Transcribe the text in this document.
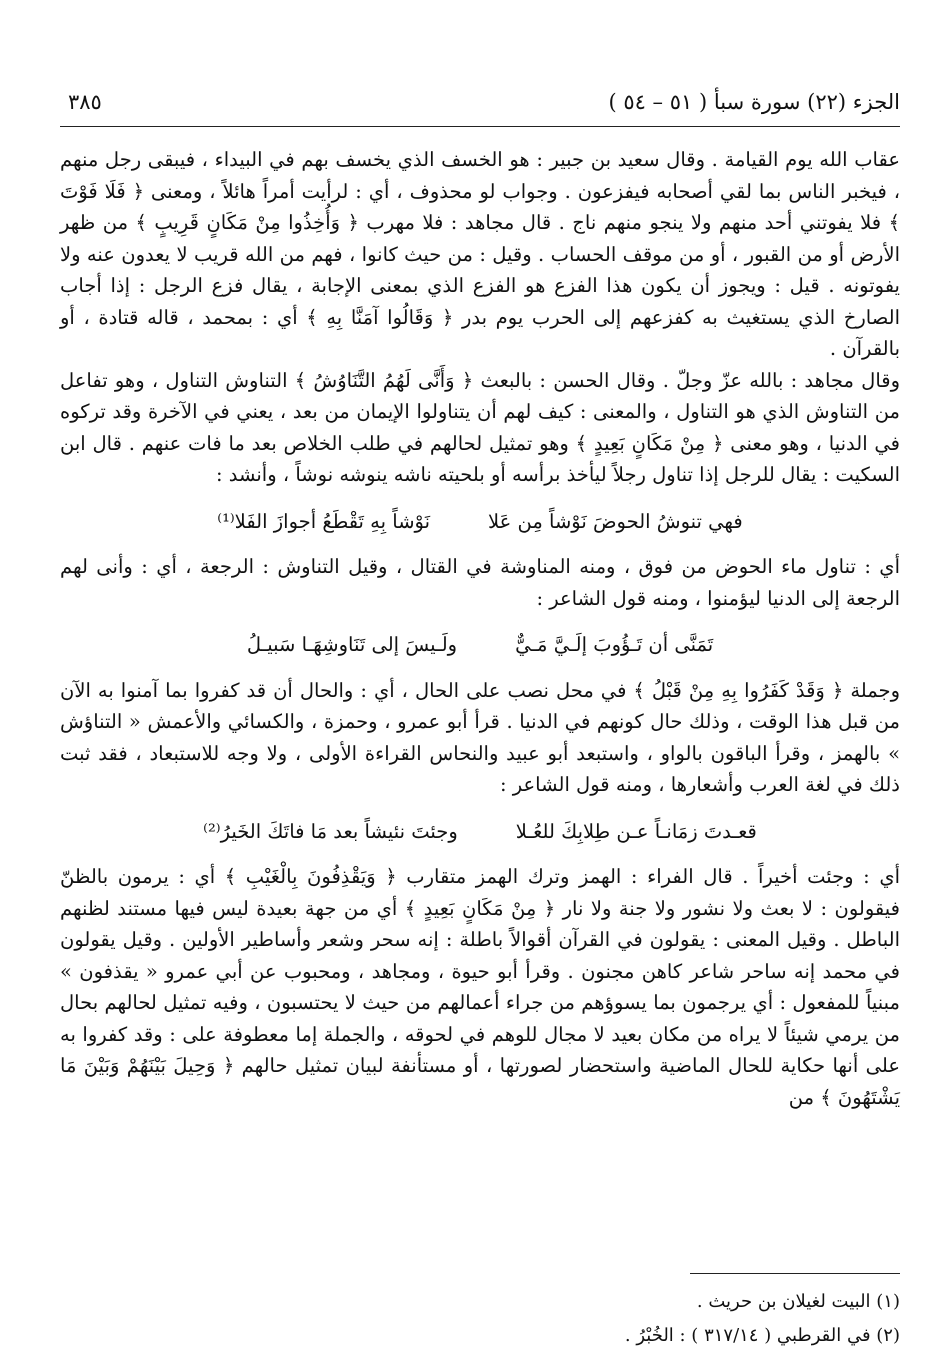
الجزء (٢٢) سورة سبأ ( ٥١ – ٥٤ )
٣٨٥

عقاب الله يوم القيامة . وقال سعيد بن جبير : هو الخسف الذي يخسف بهم في البيداء ، فيبقى رجل منهم ، فيخبر الناس بما لقي أصحابه فيفزعون . وجواب لو محذوف ، أي : لرأيت أمراً هائلاً ، ومعنى ﴿ فَلَا فَوْتَ ﴾ فلا يفوتني أحد منهم ولا ينجو منهم ناج . قال مجاهد : فلا مهرب ﴿ وَأُخِذُوا مِنْ مَكَانٍ قَرِيبٍ ﴾ من ظهر الأرض أو من القبور ، أو من موقف الحساب . وقيل : من حيث كانوا ، فهم من الله قريب لا يعدون عنه ولا يفوتونه . قيل : ويجوز أن يكون هذا الفزع هو الفزع الذي بمعنى الإجابة ، يقال فزع الرجل : إذا أجاب الصارخ الذي يستغيث به كفزعهم إلى الحرب يوم بدر ﴿ وَقَالُوا آمَنَّا بِهِ ﴾ أي : بمحمد ، قاله قتادة ، أو بالقرآن .

وقال مجاهد : بالله عزّ وجلّ . وقال الحسن : بالبعث ﴿ وَأَنَّى لَهُمُ التَّنَاوُشُ ﴾ التناوش التناول ، وهو تفاعل من التناوش الذي هو التناول ، والمعنى : كيف لهم أن يتناولوا الإيمان من بعد ، يعني في الآخرة وقد تركوه في الدنيا ، وهو معنى ﴿ مِنْ مَكَانٍ بَعِيدٍ ﴾ وهو تمثيل لحالهم في طلب الخلاص بعد ما فات عنهم . قال ابن السكيت : يقال للرجل إذا تناول رجلاً ليأخذ برأسه أو بلحيته ناشه ينوشه نوشاً ، وأنشد :

فهي تنوشُ الحوضَ نَوْشاً مِن عَلا
نَوْشاً بِهِ تَقْطَعُ أجوازَ الفَلا⁽¹⁾

أي : تناول ماء الحوض من فوق ، ومنه المناوشة في القتال ، وقيل التناوش : الرجعة ، أي : وأنى لهم الرجعة إلى الدنيا ليؤمنوا ، ومنه قول الشاعر :

تَمَنَّى أن تَـؤُوبَ إلَـيَّ مَـيٌّ
ولَـيسَ إلى تَنَاوشِهَـا سَبيـلُ

وجملة ﴿ وَقَدْ كَفَرُوا بِهِ مِنْ قَبْلُ ﴾ في محل نصب على الحال ، أي : والحال أن قد كفروا بما آمنوا به الآن من قبل هذا الوقت ، وذلك حال كونهم في الدنيا . قرأ أبو عمرو ، وحمزة ، والكسائي والأعمش « التناؤش » بالهمز ، وقرأ الباقون بالواو ، واستبعد أبو عبيد والنحاس القراءة الأولى ، ولا وجه للاستبعاد ، فقد ثبت ذلك في لغة العرب وأشعارها ، ومنه قول الشاعر :

قعـدتَ زمَانـاً عـن طِلابِكَ للعُـلا
وجئتَ نئيشاً بعد مَا فاتَكَ الخَيرُ⁽²⁾

أي : وجئت أخيراً . قال الفراء : الهمز وترك الهمز متقارب ﴿ وَيَقْذِفُونَ بِالْغَيْبِ ﴾ أي : يرمون بالظنّ فيقولون : لا بعث ولا نشور ولا جنة ولا نار ﴿ مِنْ مَكَانٍ بَعِيدٍ ﴾ أي من جهة بعيدة ليس فيها مستند لظنهم الباطل . وقيل المعنى : يقولون في القرآن أقوالاً باطلة : إنه سحر وشعر وأساطير الأولين . وقيل يقولون في محمد إنه ساحر شاعر كاهن مجنون . وقرأ أبو حيوة ، ومجاهد ، ومحبوب عن أبي عمرو « يقذفون » مبنياً للمفعول : أي يرجمون بما يسوؤهم من جراء أعمالهم من حيث لا يحتسبون ، وفيه تمثيل لحالهم بحال من يرمي شيئاً لا يراه من مكان بعيد لا مجال للوهم في لحوقه ، والجملة إما معطوفة على : وقد كفروا به على أنها حكاية للحال الماضية واستحضار لصورتها ، أو مستأنفة لبيان تمثيل حالهم ﴿ وَحِيلَ بَيْنَهُمْ وَبَيْنَ مَا يَشْتَهُونَ ﴾ من

(١) البيت لغيلان بن حريث .
(٢) في القرطبي ( ٣١٧/١٤ ) : الخُبْرُ .
